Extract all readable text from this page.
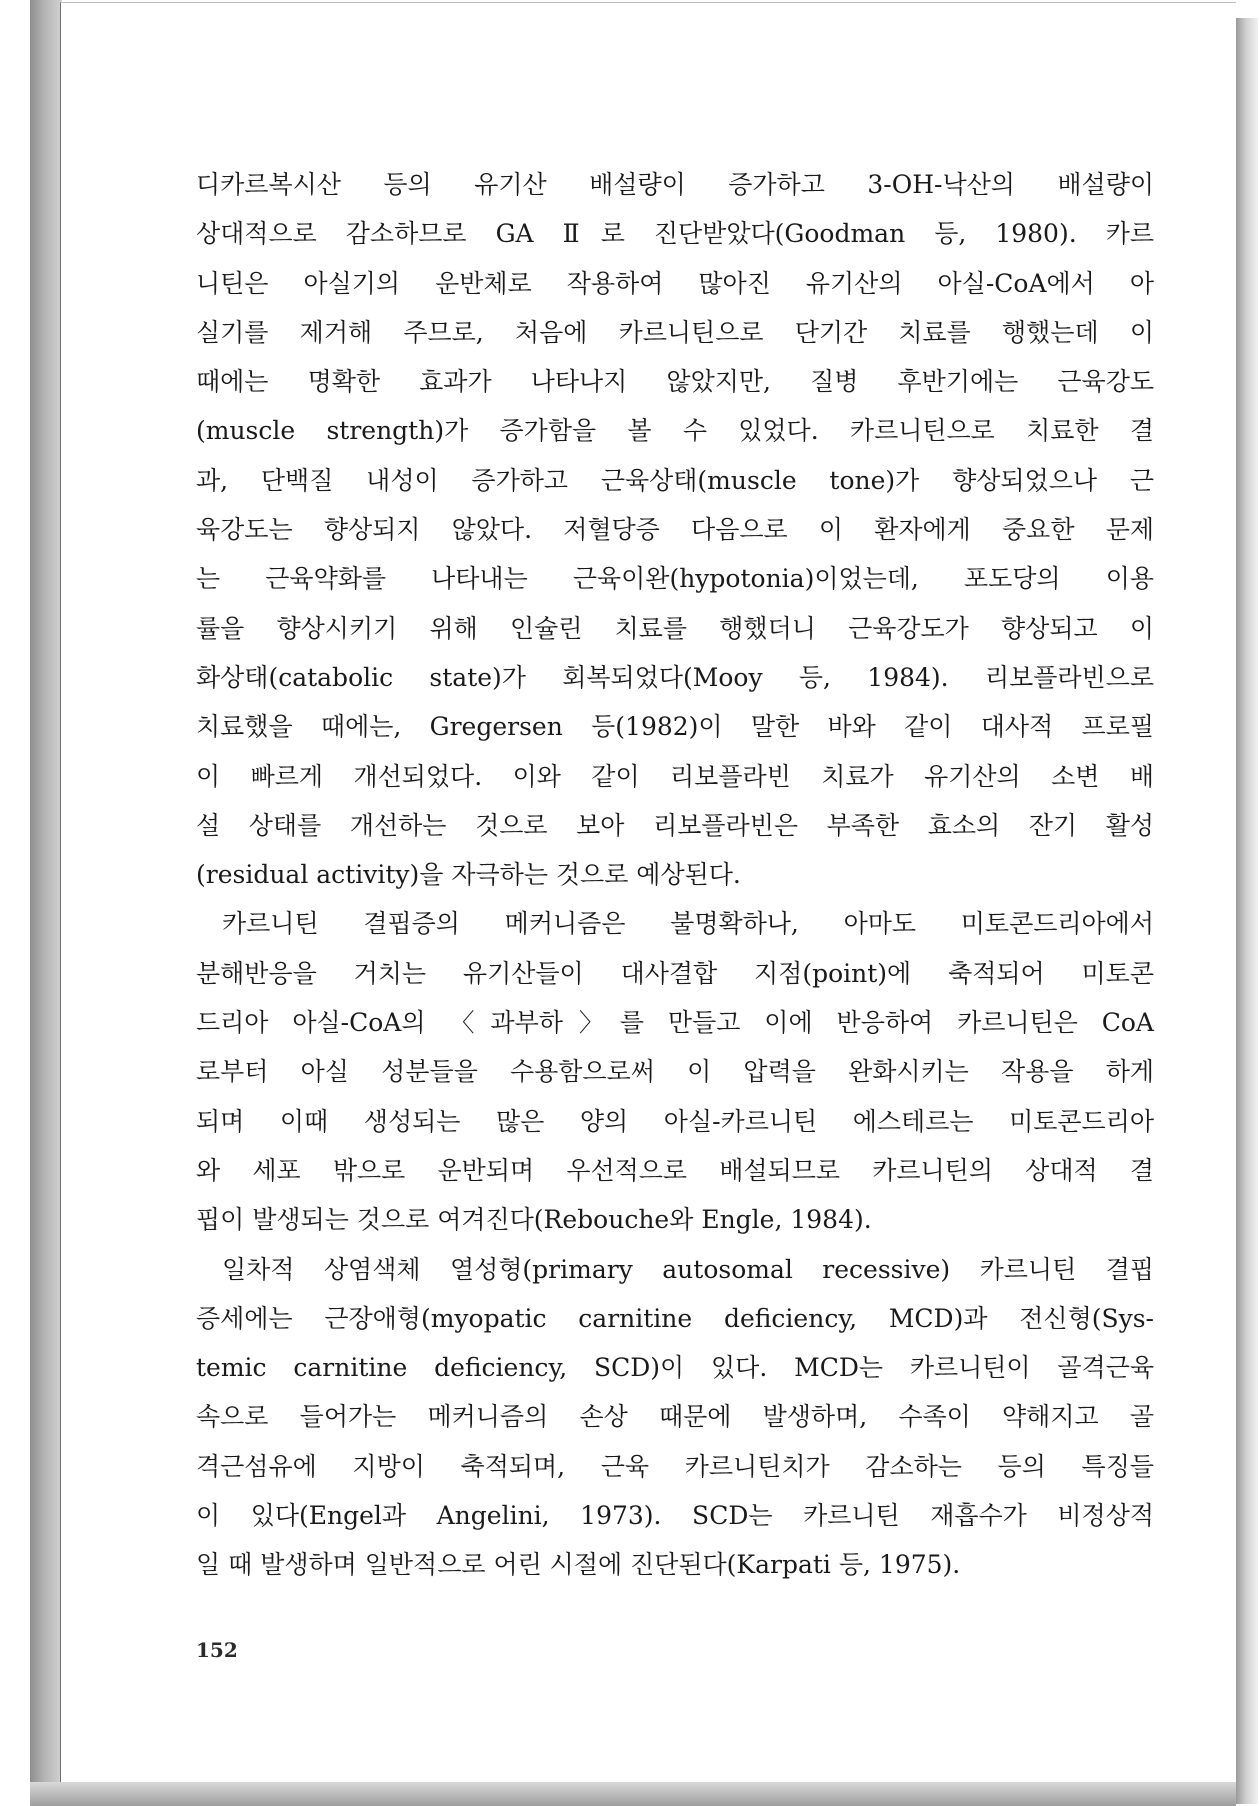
디카르복시산 등의 유기산 배설량이 증가하고 3-OH-낙산의 배설량이
상대적으로 감소하므로 GA Ⅱ로 진단받았다(Goodman 등, 1980). 카르
니틴은 아실기의 운반체로 작용하여 많아진 유기산의 아실-CoA에서 아
실기를 제거해 주므로, 처음에 카르니틴으로 단기간 치료를 행했는데 이
때에는 명확한 효과가 나타나지 않았지만, 질병 후반기에는 근육강도
(muscle strength)가 증가함을 볼 수 있었다. 카르니틴으로 치료한 결
과, 단백질 내성이 증가하고 근육상태(muscle tone)가 향상되었으나 근
육강도는 향상되지 않았다. 저혈당증 다음으로 이 환자에게 중요한 문제
는 근육약화를 나타내는 근육이완(hypotonia)이었는데, 포도당의 이용
률을 향상시키기 위해 인슐린 치료를 행했더니 근육강도가 향상되고 이
화상태(catabolic state)가 회복되었다(Mooy 등, 1984). 리보플라빈으로
치료했을 때에는, Gregersen 등(1982)이 말한 바와 같이 대사적 프로필
이 빠르게 개선되었다. 이와 같이 리보플라빈 치료가 유기산의 소변 배
설 상태를 개선하는 것으로 보아 리보플라빈은 부족한 효소의 잔기 활성
(residual activity)을 자극하는 것으로 예상된다.
카르니틴 결핍증의 메커니즘은 불명확하나, 아마도 미토콘드리아에서
분해반응을 거치는 유기산들이 대사결합 지점(point)에 축적되어 미토콘
드리아 아실-CoA의 〈과부하〉를 만들고 이에 반응하여 카르니틴은 CoA
로부터 아실 성분들을 수용함으로써 이 압력을 완화시키는 작용을 하게
되며 이때 생성되는 많은 양의 아실-카르니틴 에스테르는 미토콘드리아
와 세포 밖으로 운반되며 우선적으로 배설되므로 카르니틴의 상대적 결
핍이 발생되는 것으로 여겨진다(Rebouche와 Engle, 1984).
일차적 상염색체 열성형(primary autosomal recessive) 카르니틴 결핍
증세에는 근장애형(myopatic carnitine deficiency, MCD)과 전신형(Sys-
temic carnitine deficiency, SCD)이 있다. MCD는 카르니틴이 골격근육
속으로 들어가는 메커니즘의 손상 때문에 발생하며, 수족이 약해지고 골
격근섬유에 지방이 축적되며, 근육 카르니틴치가 감소하는 등의 특징들
이 있다(Engel과 Angelini, 1973). SCD는 카르니틴 재흡수가 비정상적
일 때 발생하며 일반적으로 어린 시절에 진단된다(Karpati 등, 1975).
152
